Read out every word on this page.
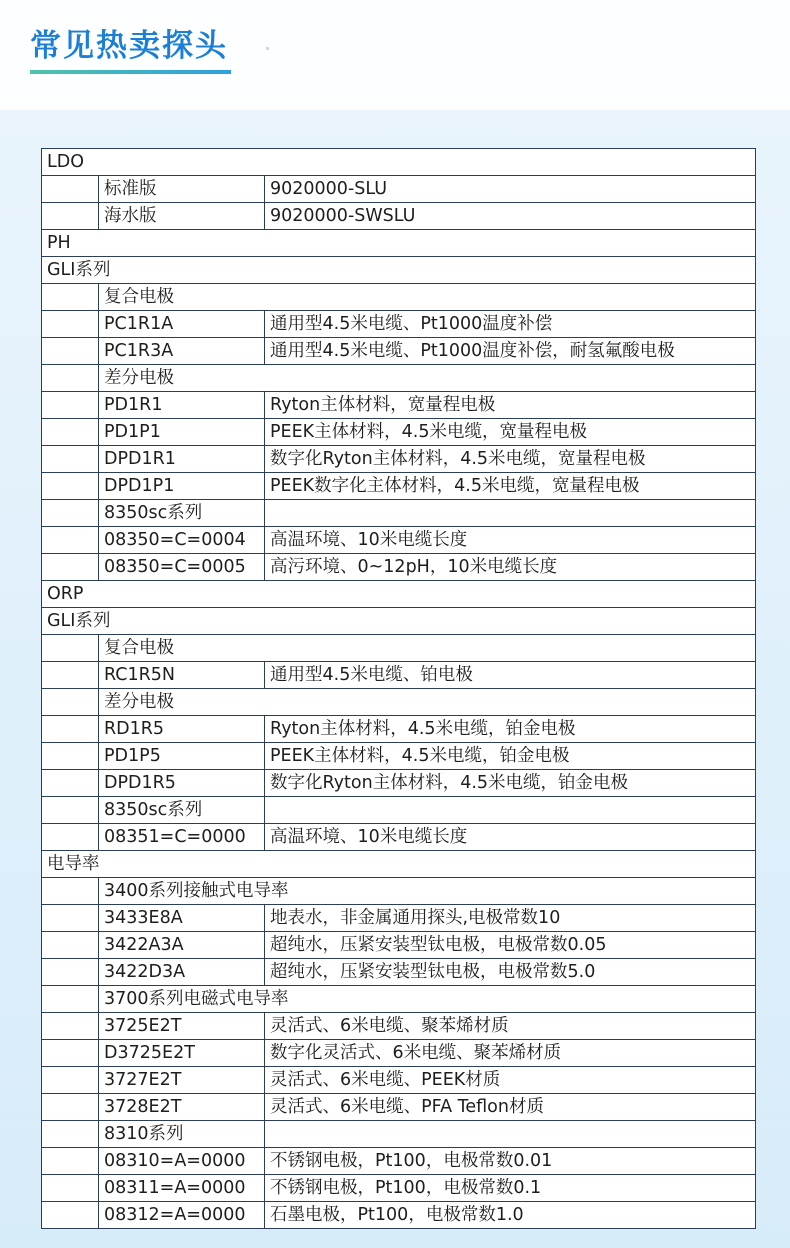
常见热卖探头
LDO		
	标准版	9020000-SLU
	海水版	9020000-SWSLU
PH		
GLI系列		
	复合电极	
	PC1R1A	通用型4.5米电缆、Pt1000温度补偿
	PC1R3A	通用型4.5米电缆、Pt1000温度补偿，耐氢氟酸电极
	差分电极	
	PD1R1	Ryton主体材料，宽量程电极
	PD1P1	PEEK主体材料，4.5米电缆，宽量程电极
	DPD1R1	数字化Ryton主体材料，4.5米电缆，宽量程电极
	DPD1P1	PEEK数字化主体材料，4.5米电缆，宽量程电极
	8350sc系列	
	08350=C=0004	高温环境、10米电缆长度
	08350=C=0005	高污环境、0~12pH，10米电缆长度
ORP		
GLI系列		
	复合电极	
	RC1R5N	通用型4.5米电缆、铂电极
	差分电极	
	RD1R5	Ryton主体材料，4.5米电缆，铂金电极
	PD1P5	PEEK主体材料，4.5米电缆，铂金电极
	DPD1R5	数字化Ryton主体材料，4.5米电缆，铂金电极
	8350sc系列	
	08351=C=0000	高温环境、10米电缆长度
电导率		
	3400系列接触式电导率	
	3433E8A	地表水，非金属通用探头,电极常数10
	3422A3A	超纯水，压紧安装型钛电极，电极常数0.05
	3422D3A	超纯水，压紧安装型钛电极，电极常数5.0
	3700系列电磁式电导率	
	3725E2T	灵活式、6米电缆、聚苯烯材质
	D3725E2T	数字化灵活式、6米电缆、聚苯烯材质
	3727E2T	灵活式、6米电缆、PEEK材质
	3728E2T	灵活式、6米电缆、PFA Teflon材质
	8310系列	
	08310=A=0000	不锈钢电极，Pt100，电极常数0.01
	08311=A=0000	不锈钢电极，Pt100，电极常数0.1
	08312=A=0000	石墨电极，Pt100，电极常数1.0
